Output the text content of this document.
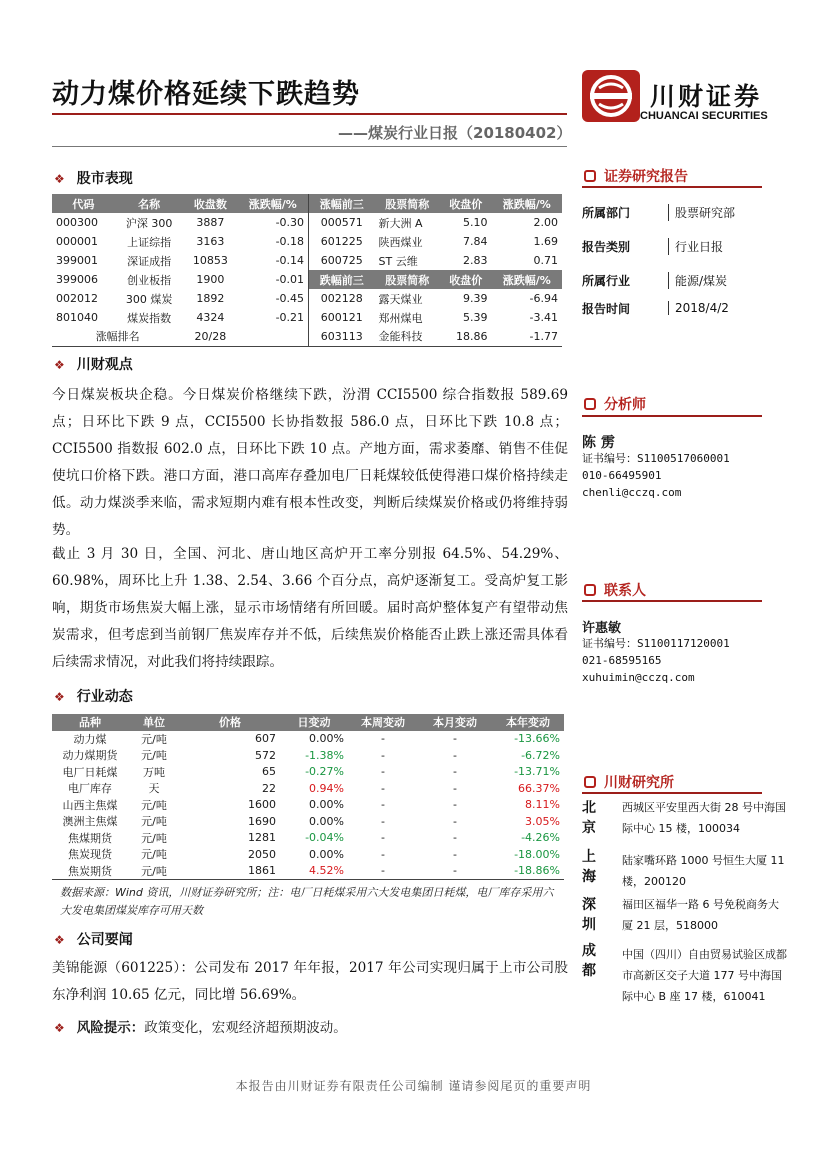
动力煤价格延续下跌趋势
——煤炭行业日报（20180402）
川财证券
CHUANCAI SECURITIES
❖ 股市表现
代码	名称	收盘数	涨跌幅/%	涨幅前三	股票简称	收盘价	涨跌幅/%
000300	沪深 300	3887	-0.30	000571	新大洲 A	5.10	2.00
000001	上证综指	3163	-0.18	601225	陕西煤业	7.84	1.69
399001	深证成指	10853	-0.14	600725	ST 云维	2.83	0.71
399006	创业板指	1900	-0.01	跌幅前三	股票简称	收盘价	涨跌幅/%
002012	300 煤炭	1892	-0.45	002128	露天煤业	9.39	-6.94
801040	煤炭指数	4324	-0.21	600121	郑州煤电	5.39	-3.41
涨幅排名		20/28		603113	金能科技	18.86	-1.77
❖ 川财观点
今日煤炭板块企稳。今日煤炭价格继续下跌，汾渭 CCI5500 综合指数报 589.69 点；日环比下跌 9 点，CCI5500 长协指数报 586.0 点，日环比下跌 10.8 点；CCI5500 指数报 602.0 点，日环比下跌 10 点。产地方面，需求萎靡、销售不佳促使坑口价格下跌。港口方面，港口高库存叠加电厂日耗煤较低使得港口煤价格持续走低。动力煤淡季来临，需求短期内难有根本性改变，判断后续煤炭价格或仍将维持弱势。
截止 3 月 30 日，全国、河北、唐山地区高炉开工率分别报 64.5%、54.29%、60.98%，周环比上升 1.38、2.54、3.66 个百分点，高炉逐渐复工。受高炉复工影响，期货市场焦炭大幅上涨，显示市场情绪有所回暖。届时高炉整体复产有望带动焦炭需求，但考虑到当前钢厂焦炭库存并不低，后续焦炭价格能否止跌上涨还需具体看后续需求情况，对此我们将持续跟踪。
❖ 行业动态
品种	单位	价格	日变动	本周变动	本月变动	本年变动
动力煤	元/吨	607	0.00%	-	-	-13.66%
动力煤期货	元/吨	572	-1.38%	-	-	-6.72%
电厂日耗煤	万吨	65	-0.27%	-	-	-13.71%
电厂库存	天	22	0.94%	-	-	66.37%
山西主焦煤	元/吨	1600	0.00%	-	-	8.11%
澳洲主焦煤	元/吨	1690	0.00%	-	-	3.05%
焦煤期货	元/吨	1281	-0.04%	-	-	-4.26%
焦炭现货	元/吨	2050	0.00%	-	-	-18.00%
焦炭期货	元/吨	1861	4.52%	-	-	-18.86%
数据来源：Wind 资讯，川财证券研究所；注：电厂日耗煤采用六大发电集团日耗煤，电厂库存采用六大发电集团煤炭库存可用天数
❖ 公司要闻
美锦能源（601225）：公司发布 2017 年年报，2017 年公司实现归属于上市公司股东净利润 10.65 亿元，同比增 56.69%。
❖ 风险提示：政策变化，宏观经济超预期波动。
证券研究报告
所属部门	股票研究部
报告类别	行业日报
所属行业	能源/煤炭
报告时间	2018/4/2
分析师
陈 雳
证书编号：S1100517060001
010-66495901
chenli@cczq.com
联系人
许惠敏
证书编号：S1100117120001
021-68595165
xuhuimin@cczq.com
川财研究所
北京
西城区平安里西大街 28 号中海国际中心 15 楼，100034
上海
陆家嘴环路 1000 号恒生大厦 11 楼，200120
深圳
福田区福华一路 6 号免税商务大厦 21 层，518000
成都
中国（四川）自由贸易试验区成都市高新区交子大道 177 号中海国际中心 B 座 17 楼，610041
本报告由川财证券有限责任公司编制 谨请参阅尾页的重要声明
